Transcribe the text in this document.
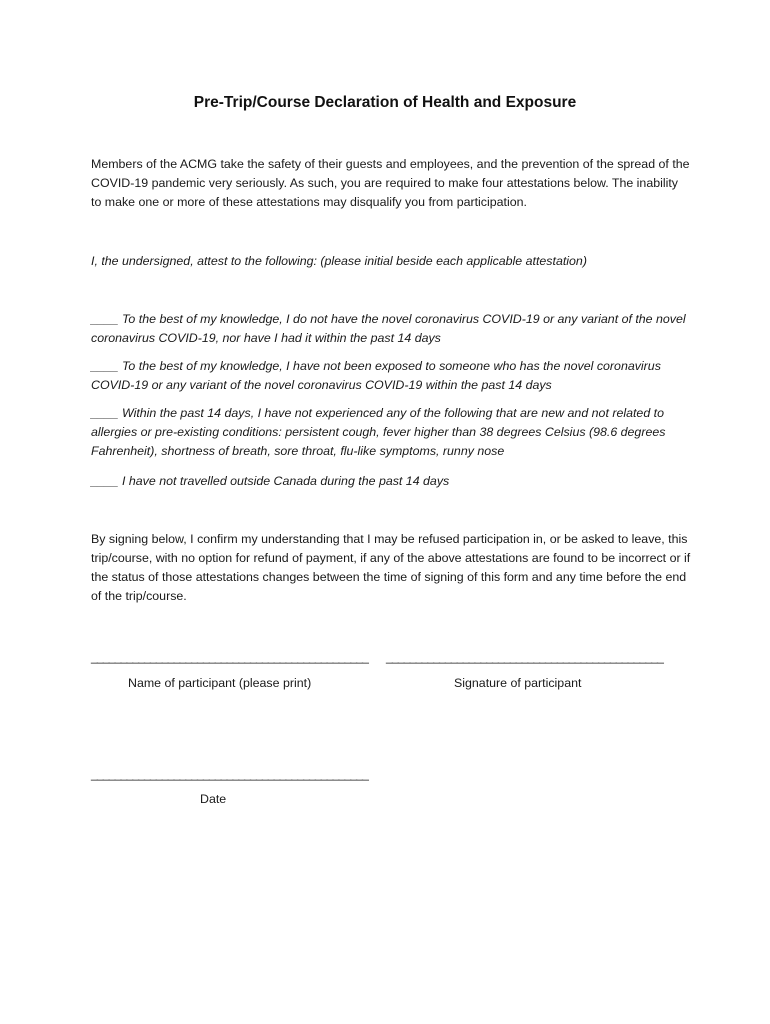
Pre-Trip/Course Declaration of Health and Exposure

Members of the ACMG take the safety of their guests and employees, and the prevention of the spread of the COVID-19 pandemic very seriously. As such, you are required to make four attestations below. The inability to make one or more of these attestations may disqualify you from participation.

I, the undersigned, attest to the following: (please initial beside each applicable attestation)

____ To the best of my knowledge, I do not have the novel coronavirus COVID-19 or any variant of the novel coronavirus COVID-19, nor have I had it within the past 14 days

____ To the best of my knowledge, I have not been exposed to someone who has the novel coronavirus COVID-19 or any variant of the novel coronavirus COVID-19 within the past 14 days

____ Within the past 14 days, I have not experienced any of the following that are new and not related to allergies or pre-existing conditions: persistent cough, fever higher than 38 degrees Celsius (98.6 degrees Fahrenheit), shortness of breath, sore throat, flu-like symptoms, runny nose

____ I have not travelled outside Canada during the past 14 days

By signing below, I confirm my understanding that I may be refused participation in, or be asked to leave, this trip/course, with no option for refund of payment, if any of the above attestations are found to be incorrect or if the status of those attestations changes between the time of signing of this form and any time before the end of the trip/course.

_______________________________________________ _______________________________________________
Name of participant (please print)	Signature of participant
_______________________________________________
Date
